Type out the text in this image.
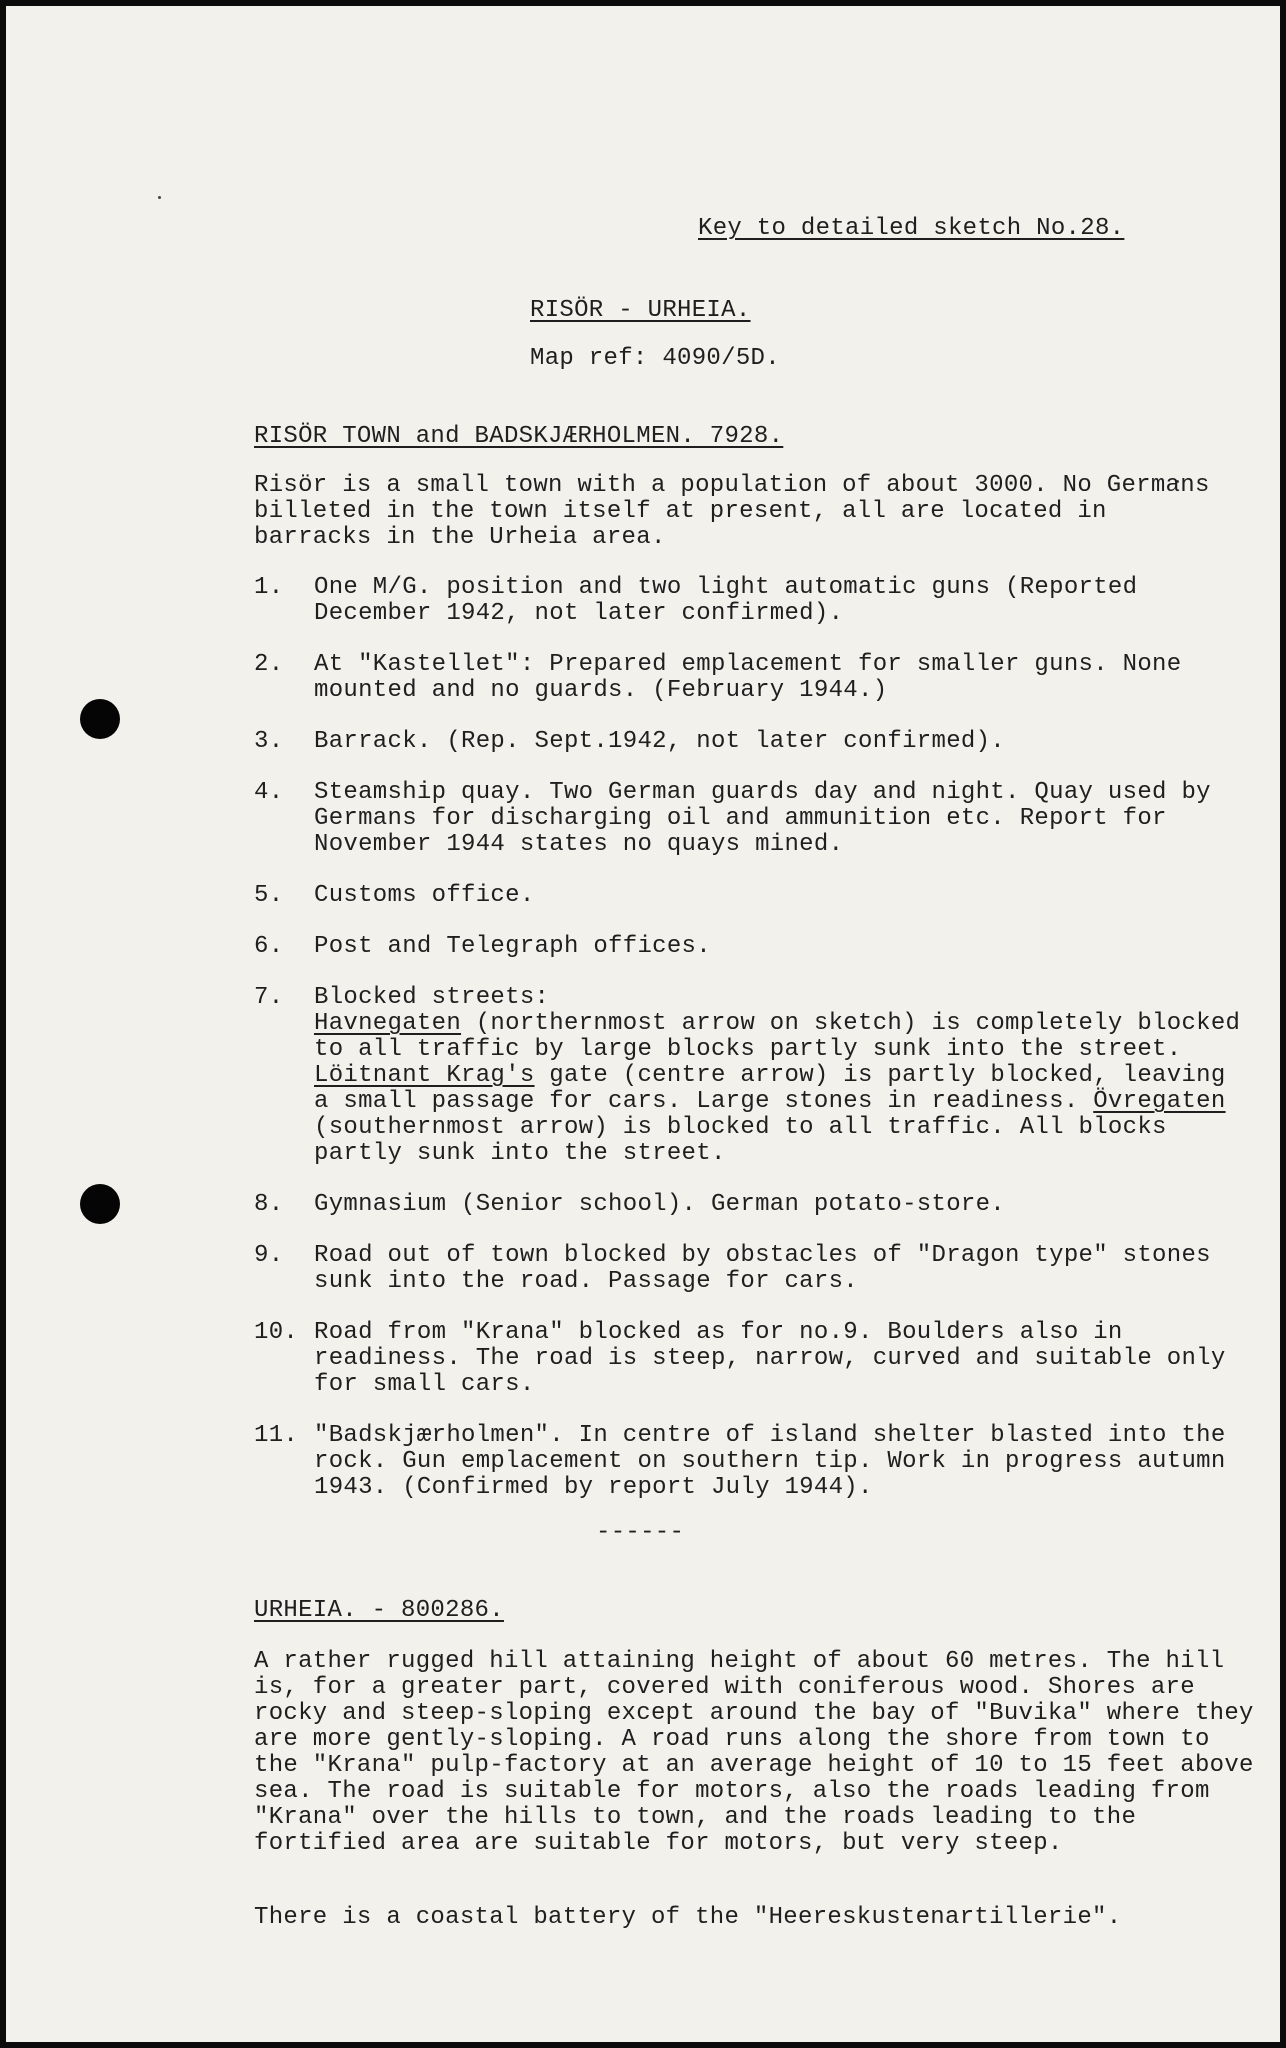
Key to detailed sketch No.28.
RISÖR - URHEIA.
Map ref: 4090/5D.
RISÖR TOWN and BADSKJÆRHOLMEN. 7928.
Risör is a small town with a population of about 3000. No Germans billeted in the town itself at present, all are located in barracks in the Urheia area.
1.	One M/G. position and two light automatic guns (Reported December 1942, not later confirmed).
2.	At "Kastellet": Prepared emplacement for smaller guns. None mounted and no guards. (February 1944.)
3.	Barrack. (Rep. Sept.1942, not later confirmed).
4.	Steamship quay. Two German guards day and night. Quay used by Germans for discharging oil and ammunition etc. Report for November 1944 states no quays mined.
5.	Customs office.
6.	Post and Telegraph offices.
7.	Blocked streets:
Havnegaten (northernmost arrow on sketch) is completely blocked to all traffic by large blocks partly sunk into the street. Löitnant Krag's gate (centre arrow) is partly blocked, leaving a small passage for cars. Large stones in readiness. Övregaten (southernmost arrow) is blocked to all traffic. All blocks partly sunk into the street.
8.	Gymnasium (Senior school). German potato-store.
9.	Road out of town blocked by obstacles of "Dragon type" stones sunk into the road. Passage for cars.
10. Road from "Krana" blocked as for no.9. Boulders also in readiness. The road is steep, narrow, curved and suitable only for small cars.
11. "Badskjærholmen". In centre of island shelter blasted into the rock. Gun emplacement on southern tip. Work in progress autumn 1943. (Confirmed by report July 1944).
------
URHEIA. - 800286.
A rather rugged hill attaining height of about 60 metres. The hill is, for a greater part, covered with coniferous wood. Shores are rocky and steep-sloping except around the bay of "Buvika" where they are more gently-sloping. A road runs along the shore from town to the "Krana" pulp-factory at an average height of 10 to 15 feet above sea. The road is suitable for motors, also the roads leading from "Krana" over the hills to town, and the roads leading to the fortified area are suitable for motors, but very steep.
There is a coastal battery of the "Heereskustenartillerie".
